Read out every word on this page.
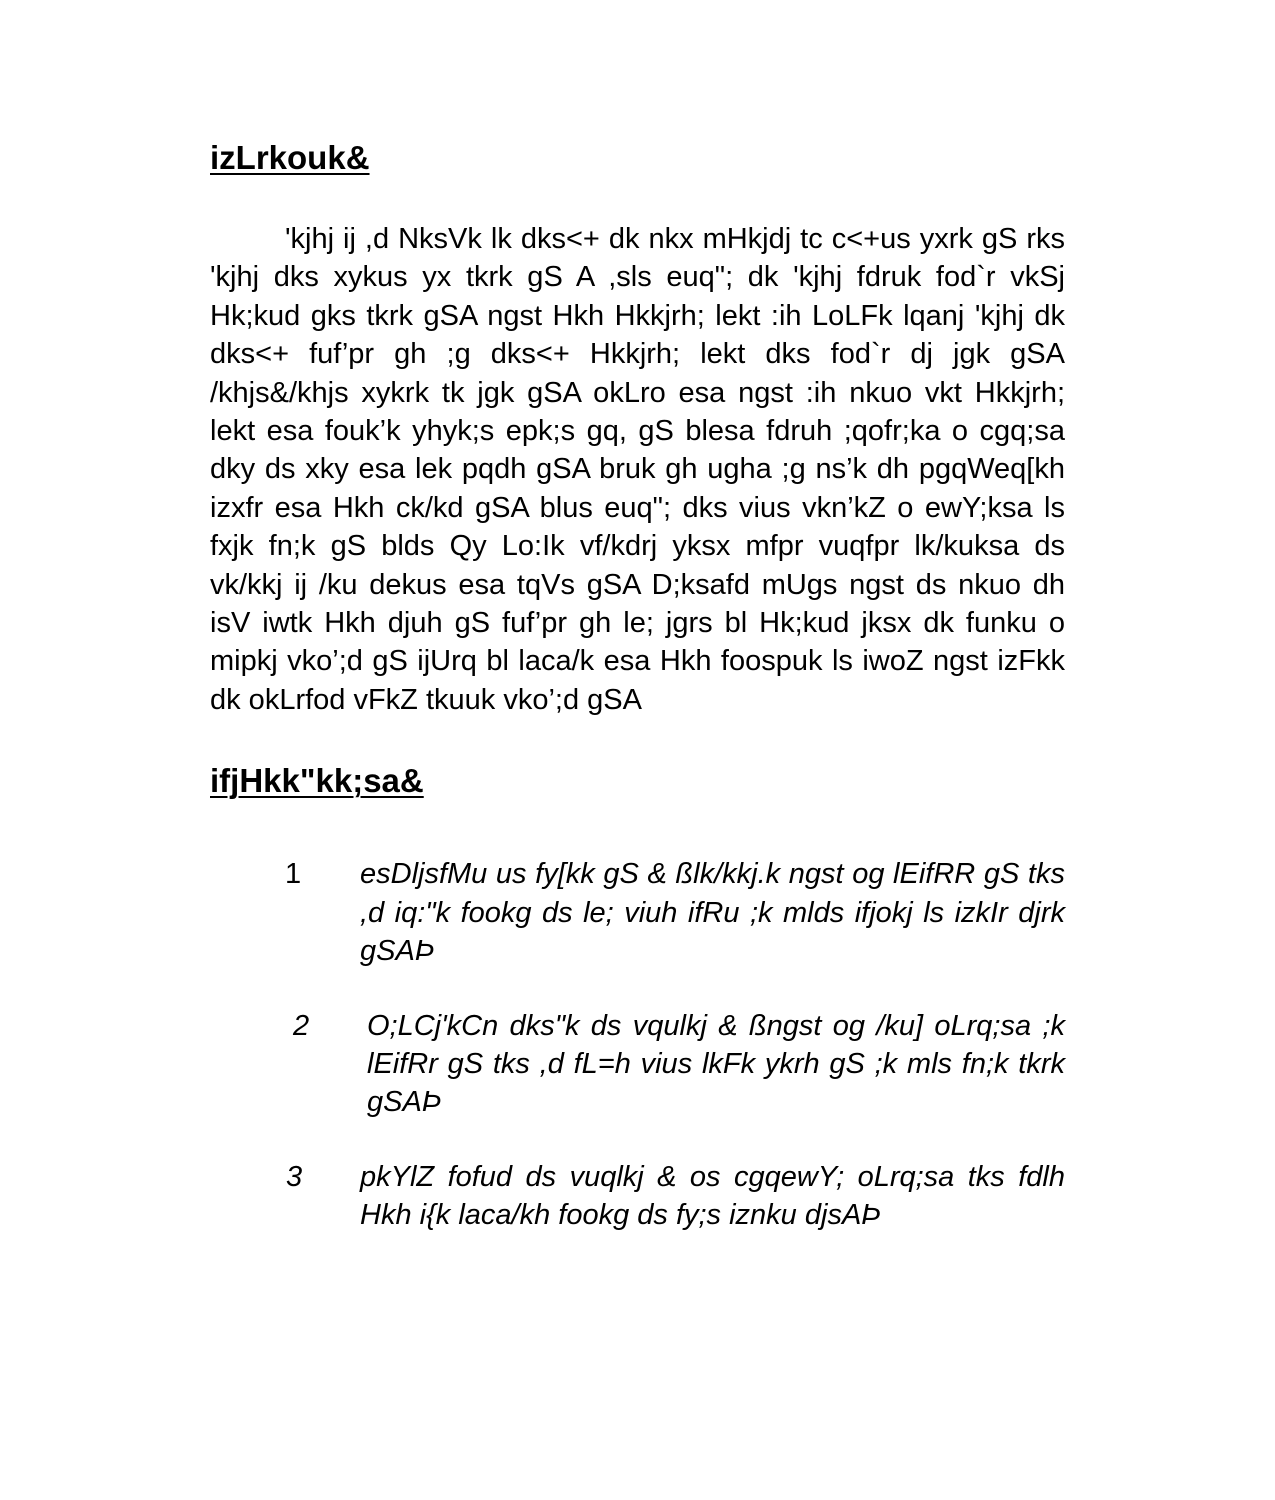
izLrkouk&

'kjhj ij ,d NksVk lk dks<+ dk nkx mHkjdj tc c<+us yxrk gS rks 'kjhj dks xykus yx tkrk gS A ,sls euq"; dk 'kjhj fdruk fod`r vkSj Hk;kud gks tkrk gSA ngst Hkh Hkkjrh; lekt :ih LoLFk lqanj 'kjhj dk dks<+ fuf’pr gh ;g dks<+ Hkkjrh; lekt dks fod`r dj jgk gSA /khjs&/khjs xykrk tk jgk gSA okLro esa ngst :ih nkuo vkt Hkkjrh; lekt esa fouk’k yhyk;s epk;s gq, gS blesa fdruh ;qofr;ka o cgq;sa dky ds xky esa lek pqdh gSA bruk gh ugha ;g ns’k dh pgqWeq[kh izxfr esa Hkh ck/kd gSA blus euq"; dks vius vkn’kZ o ewY;ksa ls fxjk fn;k gS blds Qy Lo:Ik vf/kdrj yksx mfpr vuqfpr lk/kuksa ds vk/kkj ij /ku dekus esa tqVs gSA D;ksafd mUgs ngst ds nkuo dh isV iwtk Hkh djuh gS fuf’pr gh le; jgrs bl Hk;kud jksx dk funku o mipkj vko’;d gS ijUrq bl laca/k esa Hkh foospuk ls iwoZ ngst izFkk dk okLrfod vFkZ tkuuk vko’;d gSA

ifjHkk"kk;sa&
1 esDljsfMu us fy[kk gS & ßlk/kkj.k ngst og lEifRR gS tks ,d iq:"k fookg ds le; viuh ifRu ;k mlds ifjokj ls izkIr djrk gSAÞ
2 O;LCj'kCn dks"k ds vqulkj & ßngst og /ku] oLrq;sa ;k lEifRr gS tks ,d fL=h vius lkFk ykrh gS ;k mls fn;k tkrk gSAÞ
3 pkYlZ fofud ds vuqlkj & os cgqewY; oLrq;sa tks fdlh Hkh i{k laca/kh fookg ds fy;s iznku djsAÞ
